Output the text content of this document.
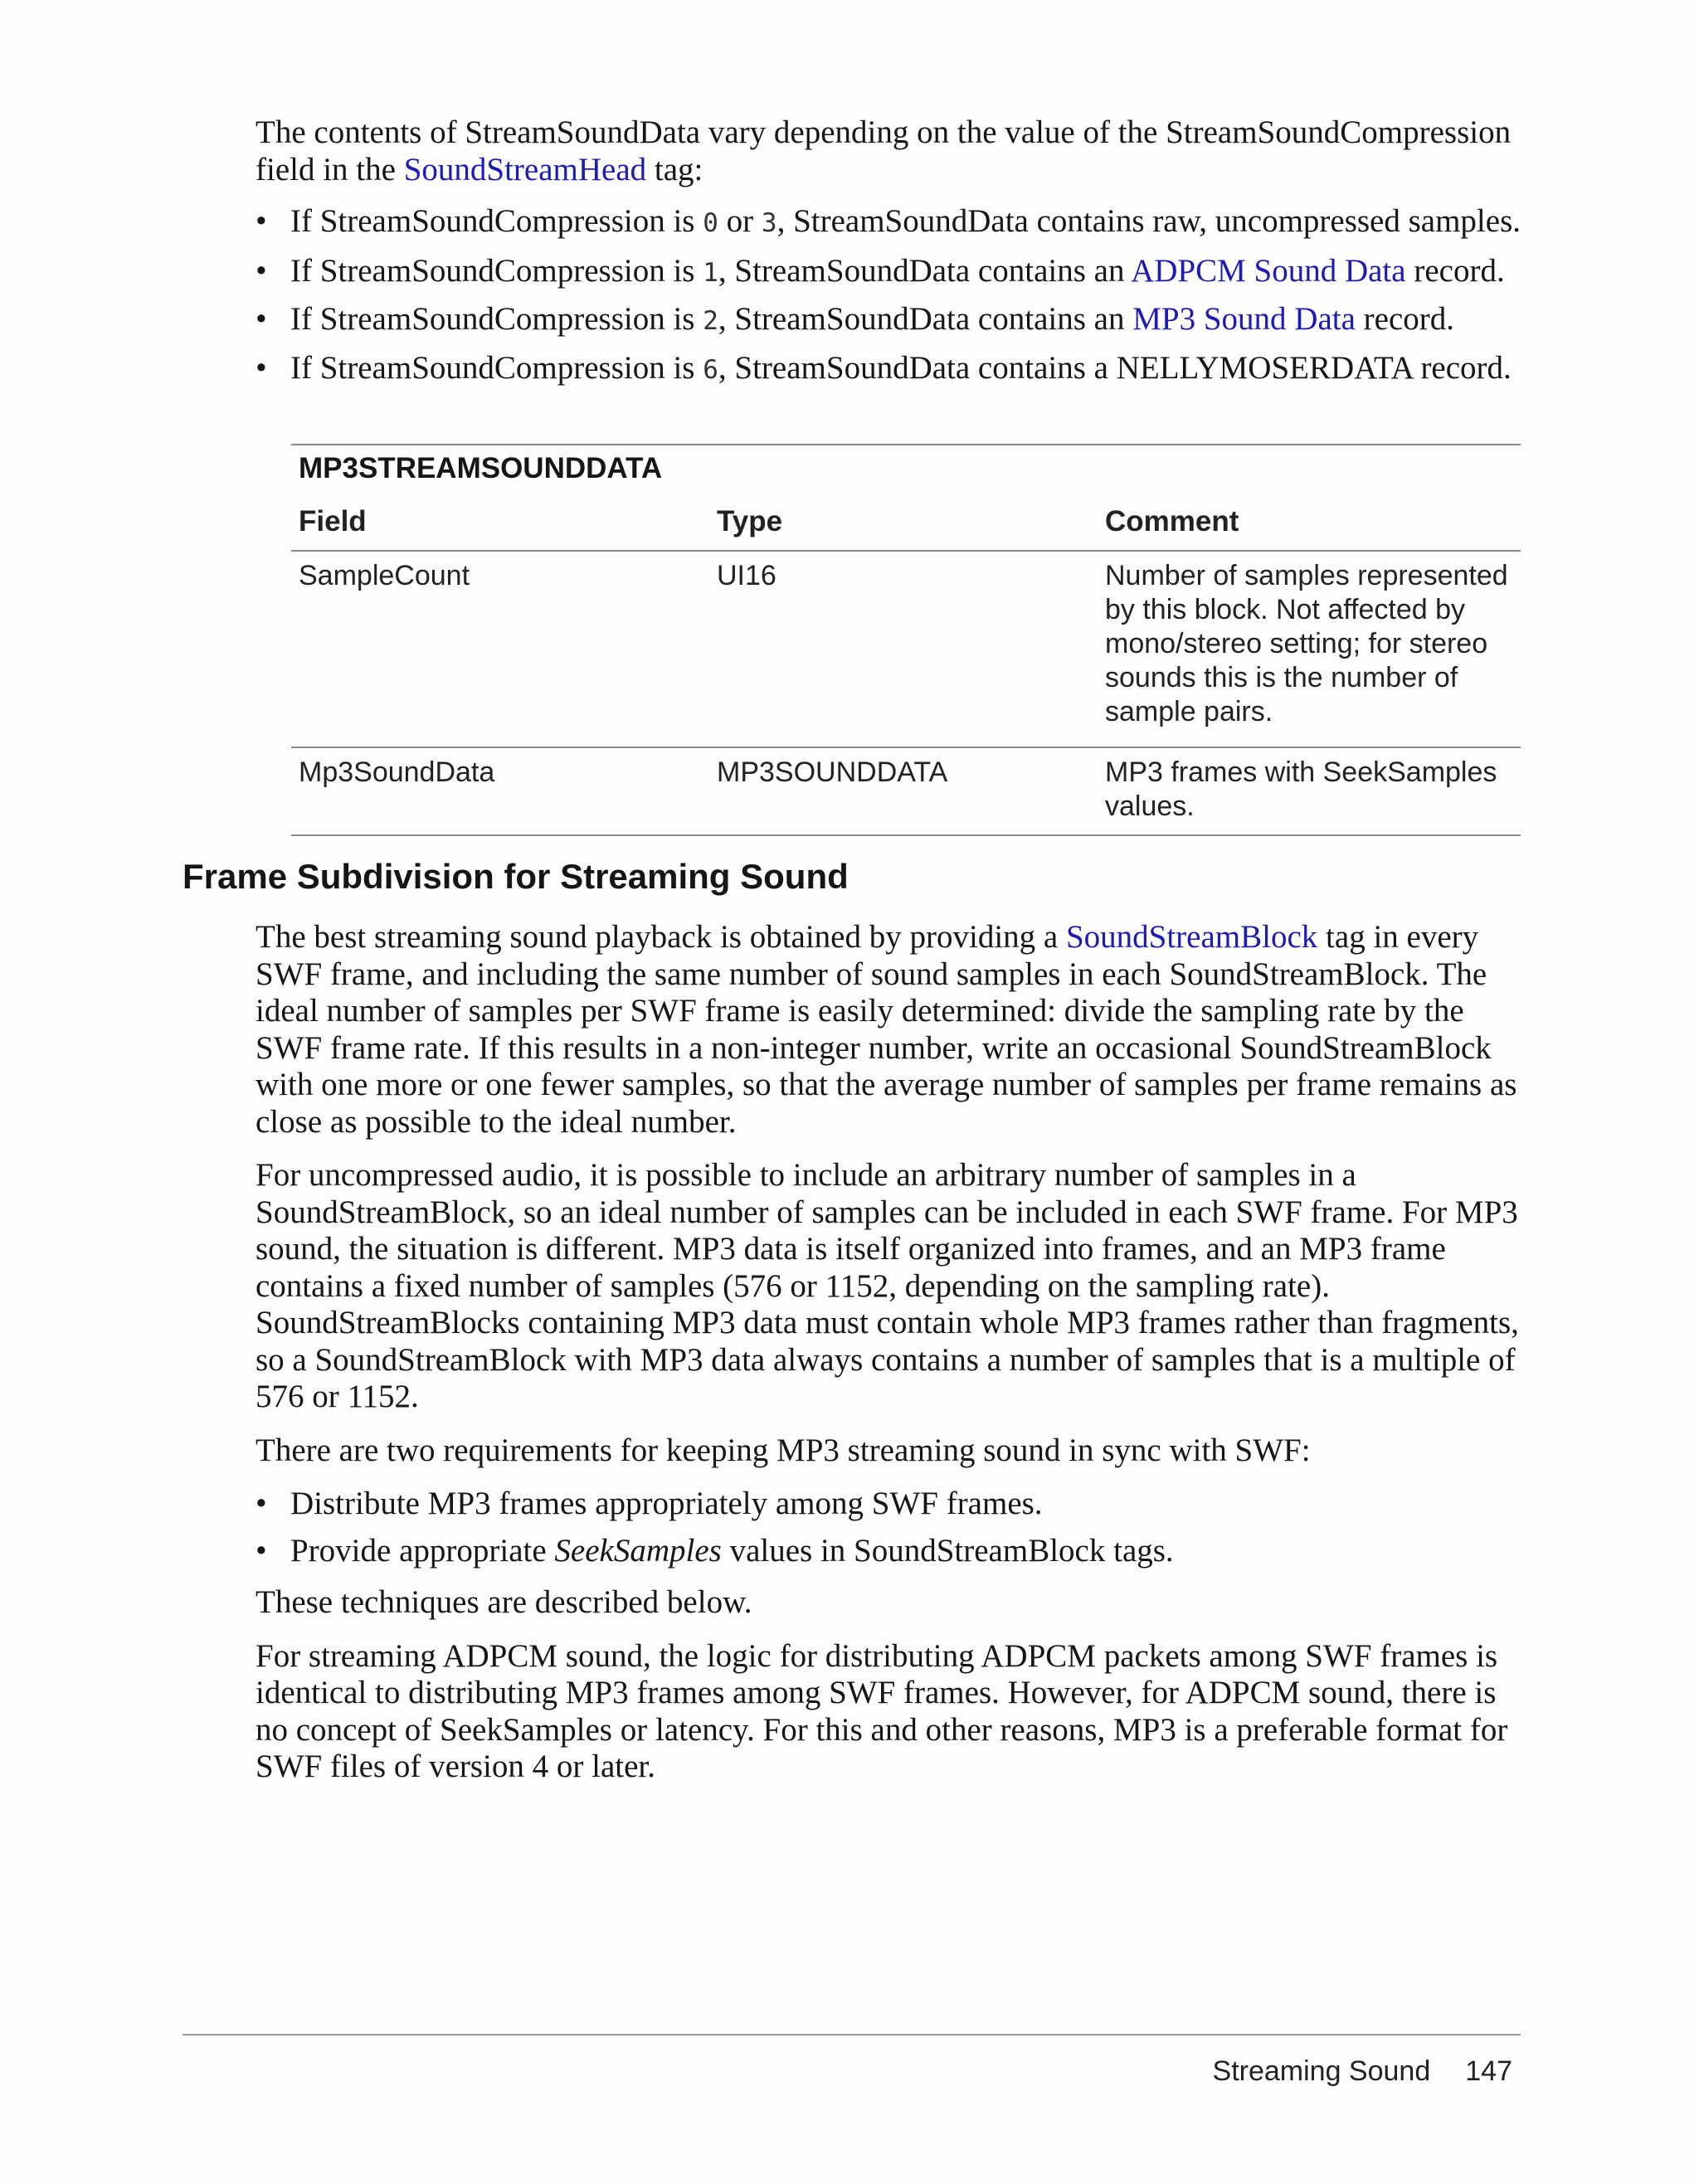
The contents of StreamSoundData vary depending on the value of the StreamSoundCompression field in the SoundStreamHead tag:

• If StreamSoundCompression is 0 or 3, StreamSoundData contains raw, uncompressed samples.
• If StreamSoundCompression is 1, StreamSoundData contains an ADPCM Sound Data record.
• If StreamSoundCompression is 2, StreamSoundData contains an MP3 Sound Data record.
• If StreamSoundCompression is 6, StreamSoundData contains a NELLYMOSERDATA record.
MP3STREAMSOUNDDATA
Field	Type	Comment
SampleCount	UI16	Number of samples represented by this block. Not affected by mono/stereo setting; for stereo sounds this is the number of sample pairs.
Mp3SoundData	MP3SOUNDDATA	MP3 frames with SeekSamples values.
Frame Subdivision for Streaming Sound

The best streaming sound playback is obtained by providing a SoundStreamBlock tag in every SWF frame, and including the same number of sound samples in each SoundStreamBlock. The ideal number of samples per SWF frame is easily determined: divide the sampling rate by the SWF frame rate. If this results in a non-integer number, write an occasional SoundStreamBlock with one more or one fewer samples, so that the average number of samples per frame remains as close as possible to the ideal number.

For uncompressed audio, it is possible to include an arbitrary number of samples in a SoundStreamBlock, so an ideal number of samples can be included in each SWF frame. For MP3 sound, the situation is different. MP3 data is itself organized into frames, and an MP3 frame contains a fixed number of samples (576 or 1152, depending on the sampling rate). SoundStreamBlocks containing MP3 data must contain whole MP3 frames rather than fragments, so a SoundStreamBlock with MP3 data always contains a number of samples that is a multiple of 576 or 1152.

There are two requirements for keeping MP3 streaming sound in sync with SWF:

• Distribute MP3 frames appropriately among SWF frames.
• Provide appropriate SeekSamples values in SoundStreamBlock tags.

These techniques are described below.

For streaming ADPCM sound, the logic for distributing ADPCM packets among SWF frames is identical to distributing MP3 frames among SWF frames. However, for ADPCM sound, there is no concept of SeekSamples or latency. For this and other reasons, MP3 is a preferable format for SWF files of version 4 or later.

Streaming Sound 147
